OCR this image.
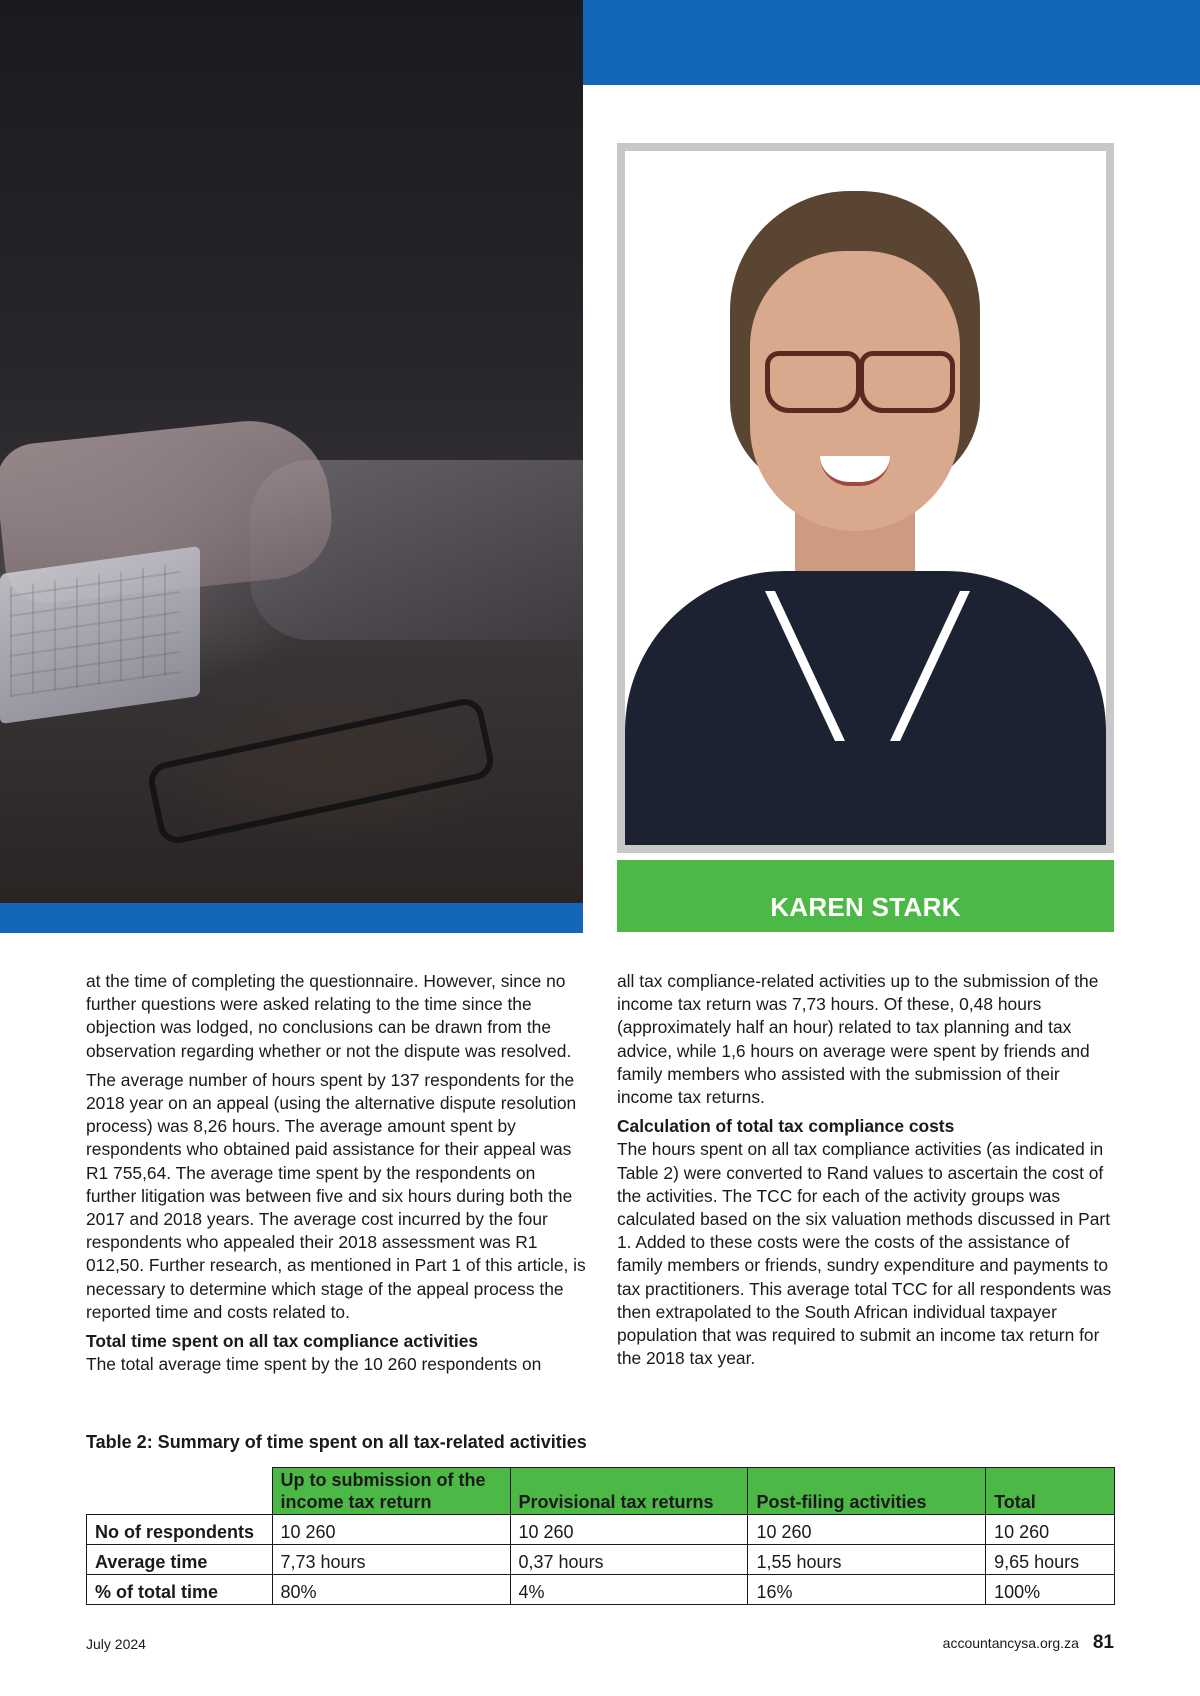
KAREN STARK

at the time of completing the questionnaire. However, since no further questions were asked relating to the time since the objection was lodged, no conclusions can be drawn from the observation regarding whether or not the dispute was resolved.

The average number of hours spent by 137 respondents for the 2018 year on an appeal (using the alternative dispute resolution process) was 8,26 hours. The average amount spent by respondents who obtained paid assistance for their appeal was R1 755,64. The average time spent by the respondents on further litigation was between five and six hours during both the 2017 and 2018 years. The average cost incurred by the four respondents who appealed their 2018 assessment was R1 012,50. Further research, as mentioned in Part 1 of this article, is necessary to determine which stage of the appeal process the reported time and costs related to.

Total time spent on all tax compliance activities

The total average time spent by the 10 260 respondents on

all tax compliance-related activities up to the submission of the income tax return was 7,73 hours. Of these, 0,48 hours (approximately half an hour) related to tax planning and tax advice, while 1,6 hours on average were spent by friends and family members who assisted with the submission of their income tax returns.

Calculation of total tax compliance costs

The hours spent on all tax compliance activities (as indicated in Table 2) were converted to Rand values to ascertain the cost of the activities. The TCC for each of the activity groups was calculated based on the six valuation methods discussed in Part 1. Added to these costs were the costs of the assistance of family members or friends, sundry expenditure and payments to tax practitioners. This average total TCC for all respondents was then extrapolated to the South African individual taxpayer population that was required to submit an income tax return for the 2018 tax year.

Table 2: Summary of time spent on all tax-related activities
	Up to submission of the income tax return	Provisional tax returns	Post-filing activities	Total
No of respondents	10 260	10 260	10 260	10 260
Average time	7,73 hours	0,37 hours	1,55 hours	9,65 hours
% of total time	80%	4%	16%	100%
July 2024	accountancysa.org.za 81
